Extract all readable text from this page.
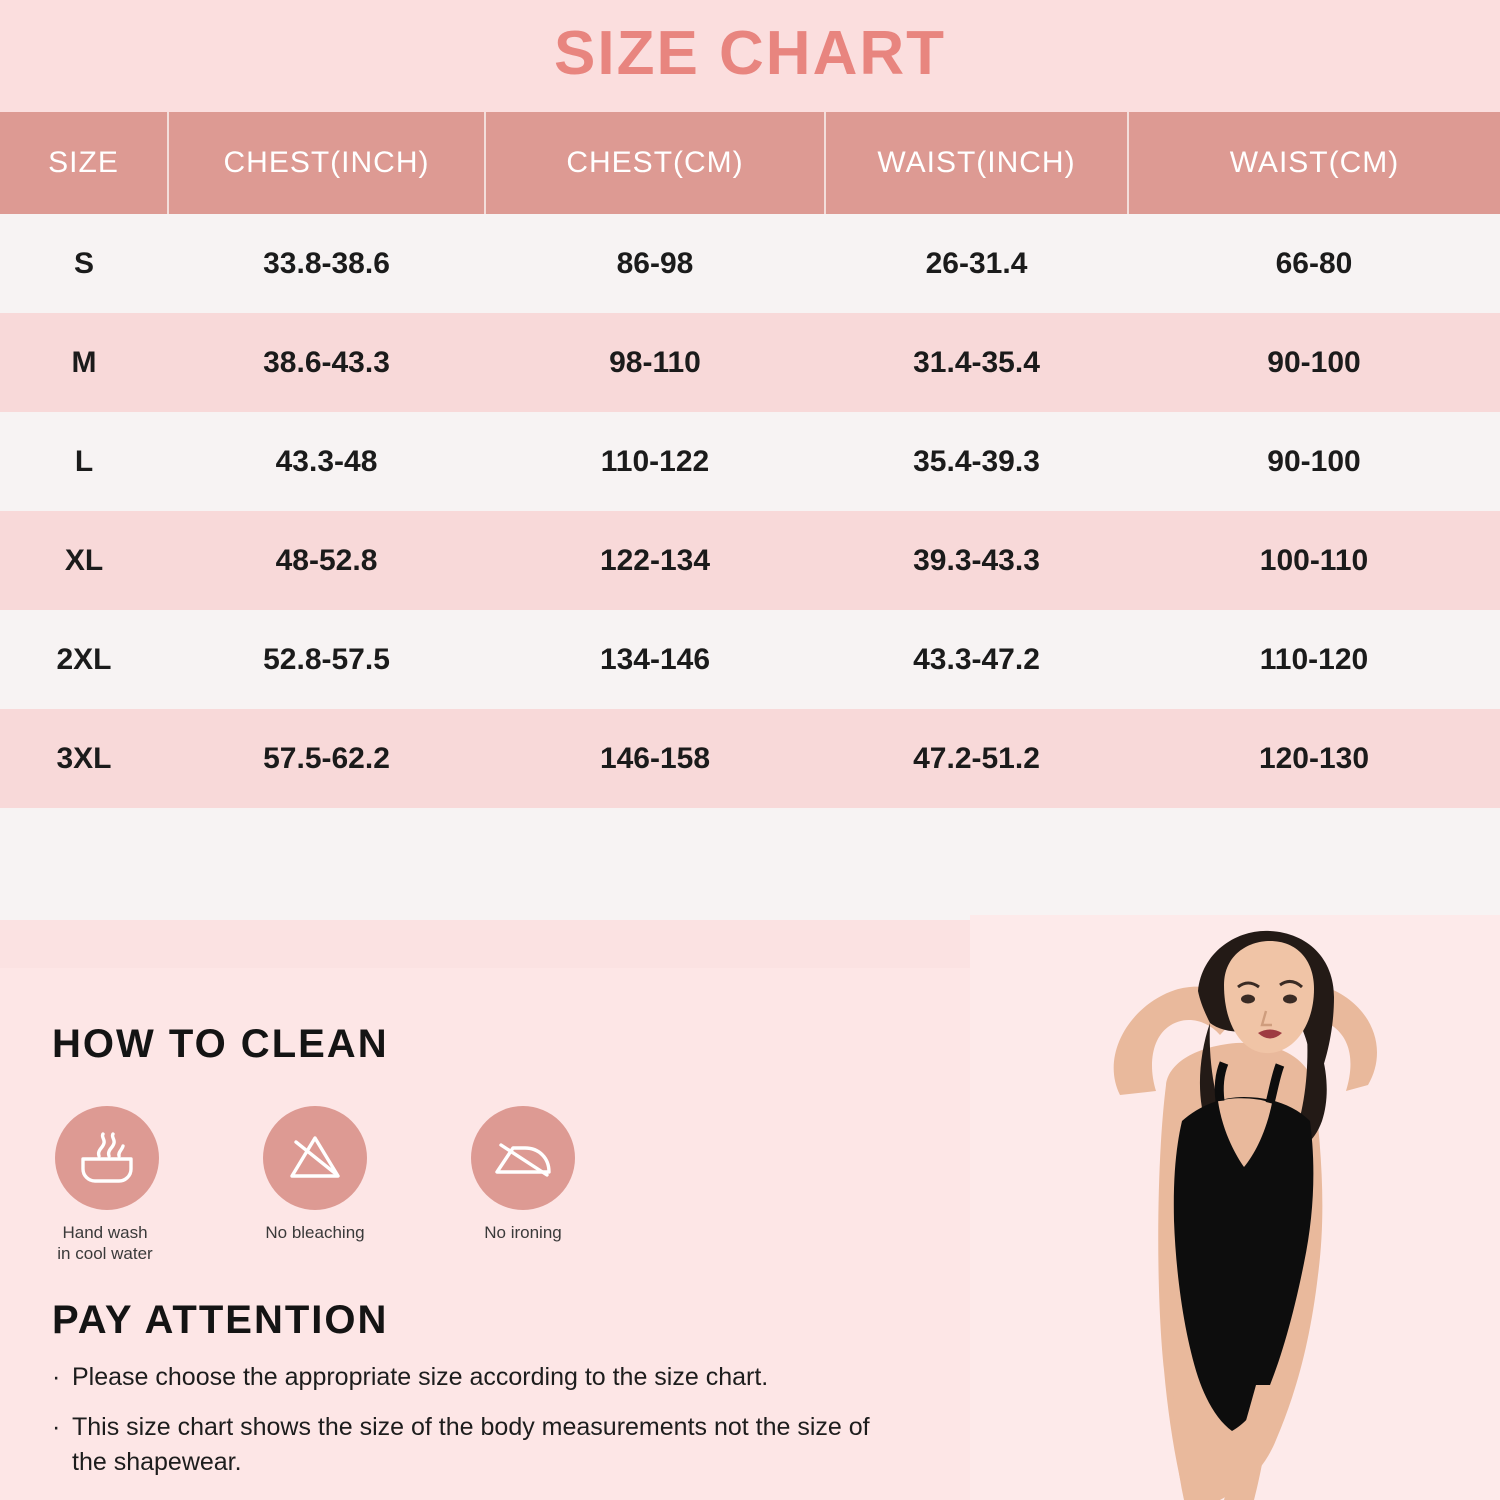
SIZE CHART
SIZE	CHEST(INCH)	CHEST(CM)	WAIST(INCH)	WAIST(CM)
S	33.8-38.6	86-98	26-31.4	66-80
M	38.6-43.3	98-110	31.4-35.4	90-100
L	43.3-48	110-122	35.4-39.3	90-100
XL	48-52.8	122-134	39.3-43.3	100-110
2XL	52.8-57.5	134-146	43.3-47.2	110-120
3XL	57.5-62.2	146-158	47.2-51.2	120-130

HOW TO CLEAN
Hand wash
in cool water
No bleaching	No ironing
PAY ATTENTION
· Please choose the appropriate size according to the size chart.
· This size chart shows the size of the body measurements not the size of the shapewear.
